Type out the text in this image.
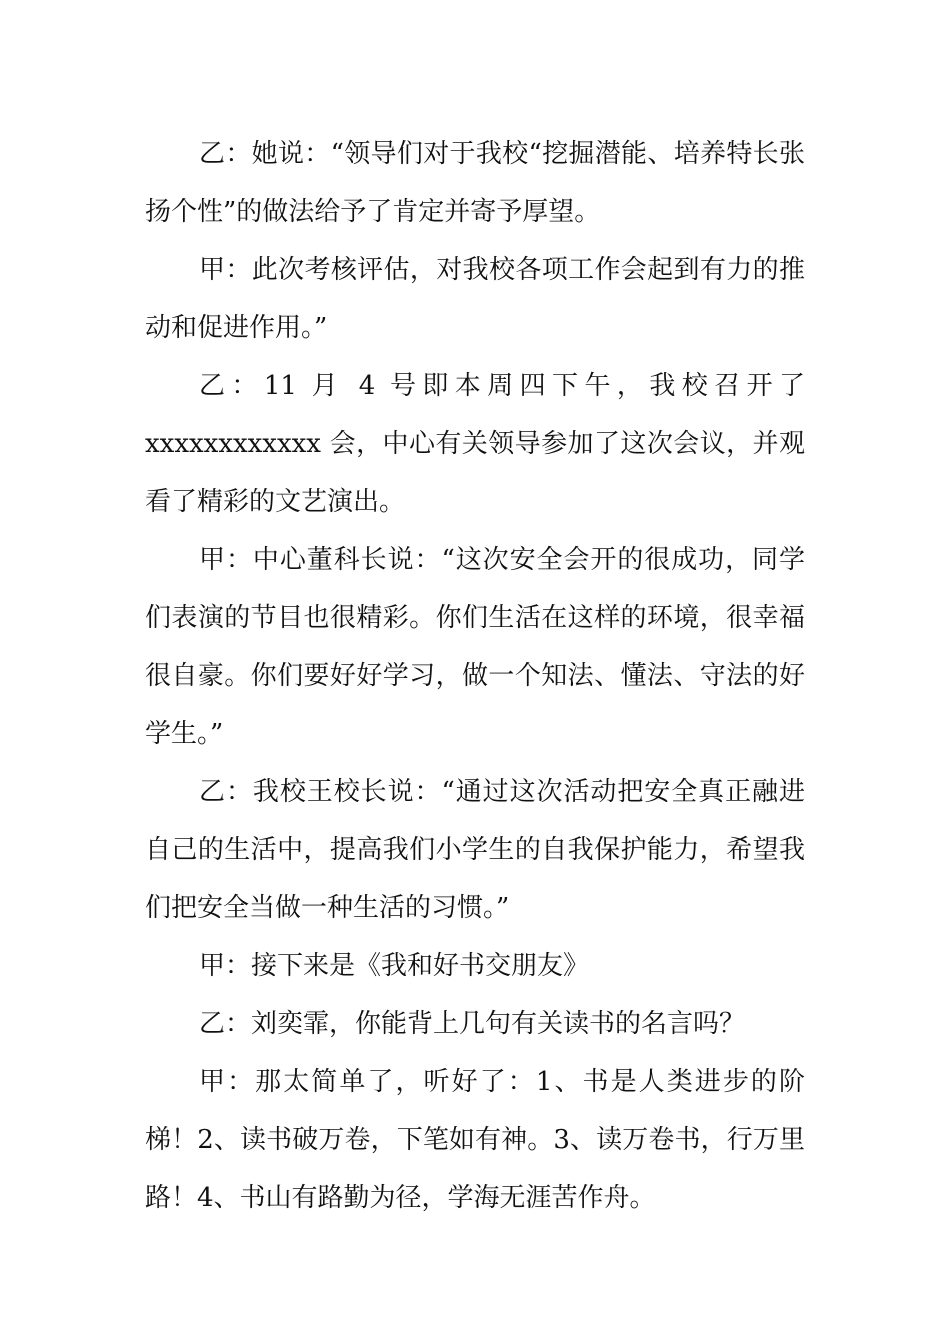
乙：她说：“领导们对于我校“挖掘潜能、培养特长张扬个性”的做法给予了肯定并寄予厚望。

甲：此次考核评估，对我校各项工作会起到有力的推动和促进作用。”

乙：11 月 4 号即本周四下午，我校召开了 xxxxxxxxxxxx 会，中心有关领导参加了这次会议，并观看了精彩的文艺演出。

甲：中心董科长说：“这次安全会开的很成功，同学们表演的节目也很精彩。你们生活在这样的环境，很幸福很自豪。你们要好好学习，做一个知法、懂法、守法的好学生。”

乙：我校王校长说：“通过这次活动把安全真正融进自己的生活中，提高我们小学生的自我保护能力，希望我们把安全当做一种生活的习惯。”

甲：接下来是《我和好书交朋友》

乙：刘奕霏，你能背上几句有关读书的名言吗？

甲：那太简单了，听好了：1、书是人类进步的阶梯！2、读书破万卷，下笔如有神。3、读万卷书，行万里路！4、书山有路勤为径，学海无涯苦作舟。
